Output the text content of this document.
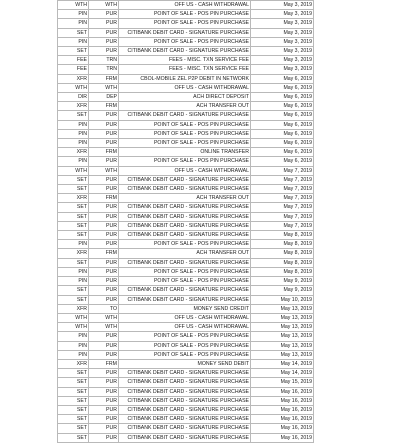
WTH	WTH	OFF US - CASH WITHDRAWAL	May 3, 2019
PIN	PUR	POINT OF SALE - POS PIN PURCHASE	May 3, 2019
PIN	PUR	POINT OF SALE - POS PIN PURCHASE	May 3, 2019
SET	PUR	CITIBANK DEBIT CARD - SIGNATURE PURCHASE	May 3, 2019
PIN	PUR	POINT OF SALE - POS PIN PURCHASE	May 3, 2019
SET	PUR	CITIBANK DEBIT CARD - SIGNATURE PURCHASE	May 3, 2019
FEE	TRN	FEES - MISC. TXN SERVICE FEE	May 3, 2019
FEE	TRN	FEES - MISC. TXN SERVICE FEE	May 3, 2019
XFR	FRM	CBOL-MOBILE ZEL P2P DEBIT IN NETWORK	May 6, 2019
WTH	WTH	OFF US - CASH WITHDRAWAL	May 6, 2019
DIR	DEP	ACH DIRECT DEPOSIT	May 6, 2019
XFR	FRM	ACH TRANSFER OUT	May 6, 2019
SET	PUR	CITIBANK DEBIT CARD - SIGNATURE PURCHASE	May 6, 2019
PIN	PUR	POINT OF SALE - POS PIN PURCHASE	May 6, 2019
PIN	PUR	POINT OF SALE - POS PIN PURCHASE	May 6, 2019
PIN	PUR	POINT OF SALE - POS PIN PURCHASE	May 6, 2019
XFR	FRM	ONLINE TRANSFER	May 6, 2019
PIN	PUR	POINT OF SALE - POS PIN PURCHASE	May 6, 2019
WTH	WTH	OFF US - CASH WITHDRAWAL	May 7, 2019
SET	PUR	CITIBANK DEBIT CARD - SIGNATURE PURCHASE	May 7, 2019
SET	PUR	CITIBANK DEBIT CARD - SIGNATURE PURCHASE	May 7, 2019
XFR	FRM	ACH TRANSFER OUT	May 7, 2019
SET	PUR	CITIBANK DEBIT CARD - SIGNATURE PURCHASE	May 7, 2019
SET	PUR	CITIBANK DEBIT CARD - SIGNATURE PURCHASE	May 7, 2019
SET	PUR	CITIBANK DEBIT CARD - SIGNATURE PURCHASE	May 7, 2019
SET	PUR	CITIBANK DEBIT CARD - SIGNATURE PURCHASE	May 8, 2019
PIN	PUR	POINT OF SALE - POS PIN PURCHASE	May 8, 2019
XFR	FRM	ACH TRANSFER OUT	May 8, 2019
SET	PUR	CITIBANK DEBIT CARD - SIGNATURE PURCHASE	May 8, 2019
PIN	PUR	POINT OF SALE - POS PIN PURCHASE	May 8, 2019
PIN	PUR	POINT OF SALE - POS PIN PURCHASE	May 9, 2019
SET	PUR	CITIBANK DEBIT CARD - SIGNATURE PURCHASE	May 9, 2019
SET	PUR	CITIBANK DEBIT CARD - SIGNATURE PURCHASE	May 10, 2019
XFR	TO	MONEY SEND CREDIT	May 13, 2019
WTH	WTH	OFF US - CASH WITHDRAWAL	May 13, 2019
WTH	WTH	OFF US - CASH WITHDRAWAL	May 13, 2019
PIN	PUR	POINT OF SALE - POS PIN PURCHASE	May 13, 2019
PIN	PUR	POINT OF SALE - POS PIN PURCHASE	May 13, 2019
PIN	PUR	POINT OF SALE - POS PIN PURCHASE	May 13, 2019
XFR	FRM	MONEY SEND DEBIT	May 14, 2019
SET	PUR	CITIBANK DEBIT CARD - SIGNATURE PURCHASE	May 14, 2019
SET	PUR	CITIBANK DEBIT CARD - SIGNATURE PURCHASE	May 15, 2019
SET	PUR	CITIBANK DEBIT CARD - SIGNATURE PURCHASE	May 16, 2019
SET	PUR	CITIBANK DEBIT CARD - SIGNATURE PURCHASE	May 16, 2019
SET	PUR	CITIBANK DEBIT CARD - SIGNATURE PURCHASE	May 16, 2019
SET	PUR	CITIBANK DEBIT CARD - SIGNATURE PURCHASE	May 16, 2019
SET	PUR	CITIBANK DEBIT CARD - SIGNATURE PURCHASE	May 16, 2019
SET	PUR	CITIBANK DEBIT CARD - SIGNATURE PURCHASE	May 16, 2019
